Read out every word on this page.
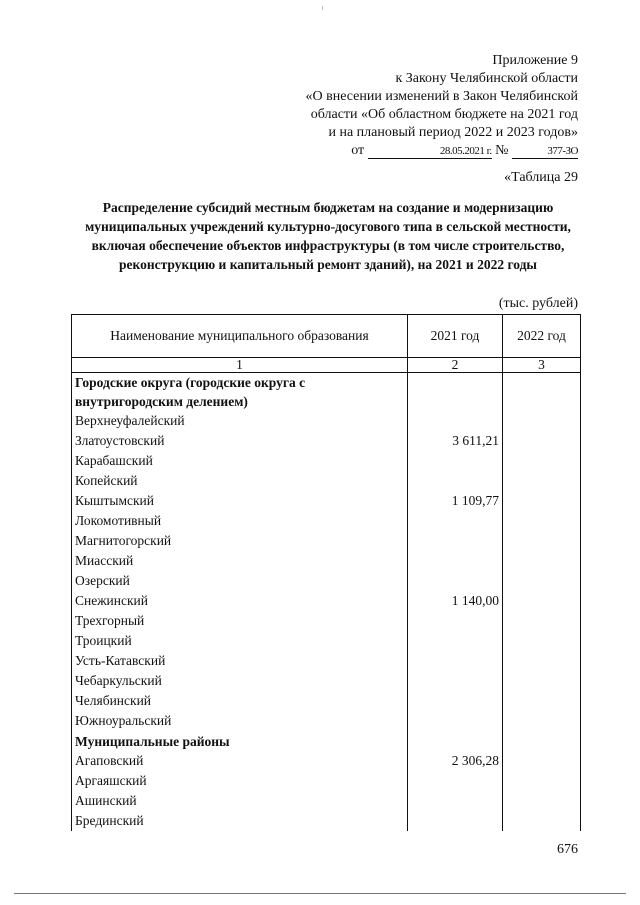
Приложение 9
к Закону Челябинской области
«О внесении изменений в Закон Челябинской
области «Об областном бюджете на 2021 год
и на плановый период 2022 и 2023 годов»
от	28.05.2021 г. №	377-ЗО
«Таблица 29
Распределение субсидий местным бюджетам на создание и модернизацию муниципальных учреждений культурно-досугового типа в сельской местности, включая обеспечение объектов инфраструктуры (в том числе строительство, реконструкцию и капитальный ремонт зданий), на 2021 и 2022 годы
(тыс. рублей)
Наименование муниципального образования	2021 год	2022 год
1	2	3
Городские округа (городские округа с внутригородским делением)		
Верхнеуфалейский		
Златоустовский	3 611,21	
Карабашский		
Копейский		
Кыштымский	1 109,77	
Локомотивный		
Магнитогорский		
Миасский		
Озерский		
Снежинский	1 140,00	
Трехгорный		
Троицкий		
Усть-Катавский		
Чебаркульский		
Челябинский		
Южноуральский		
Муниципальные районы		
Агаповский	2 306,28	
Аргаяшский		
Ашинский		
Брединский		
676
